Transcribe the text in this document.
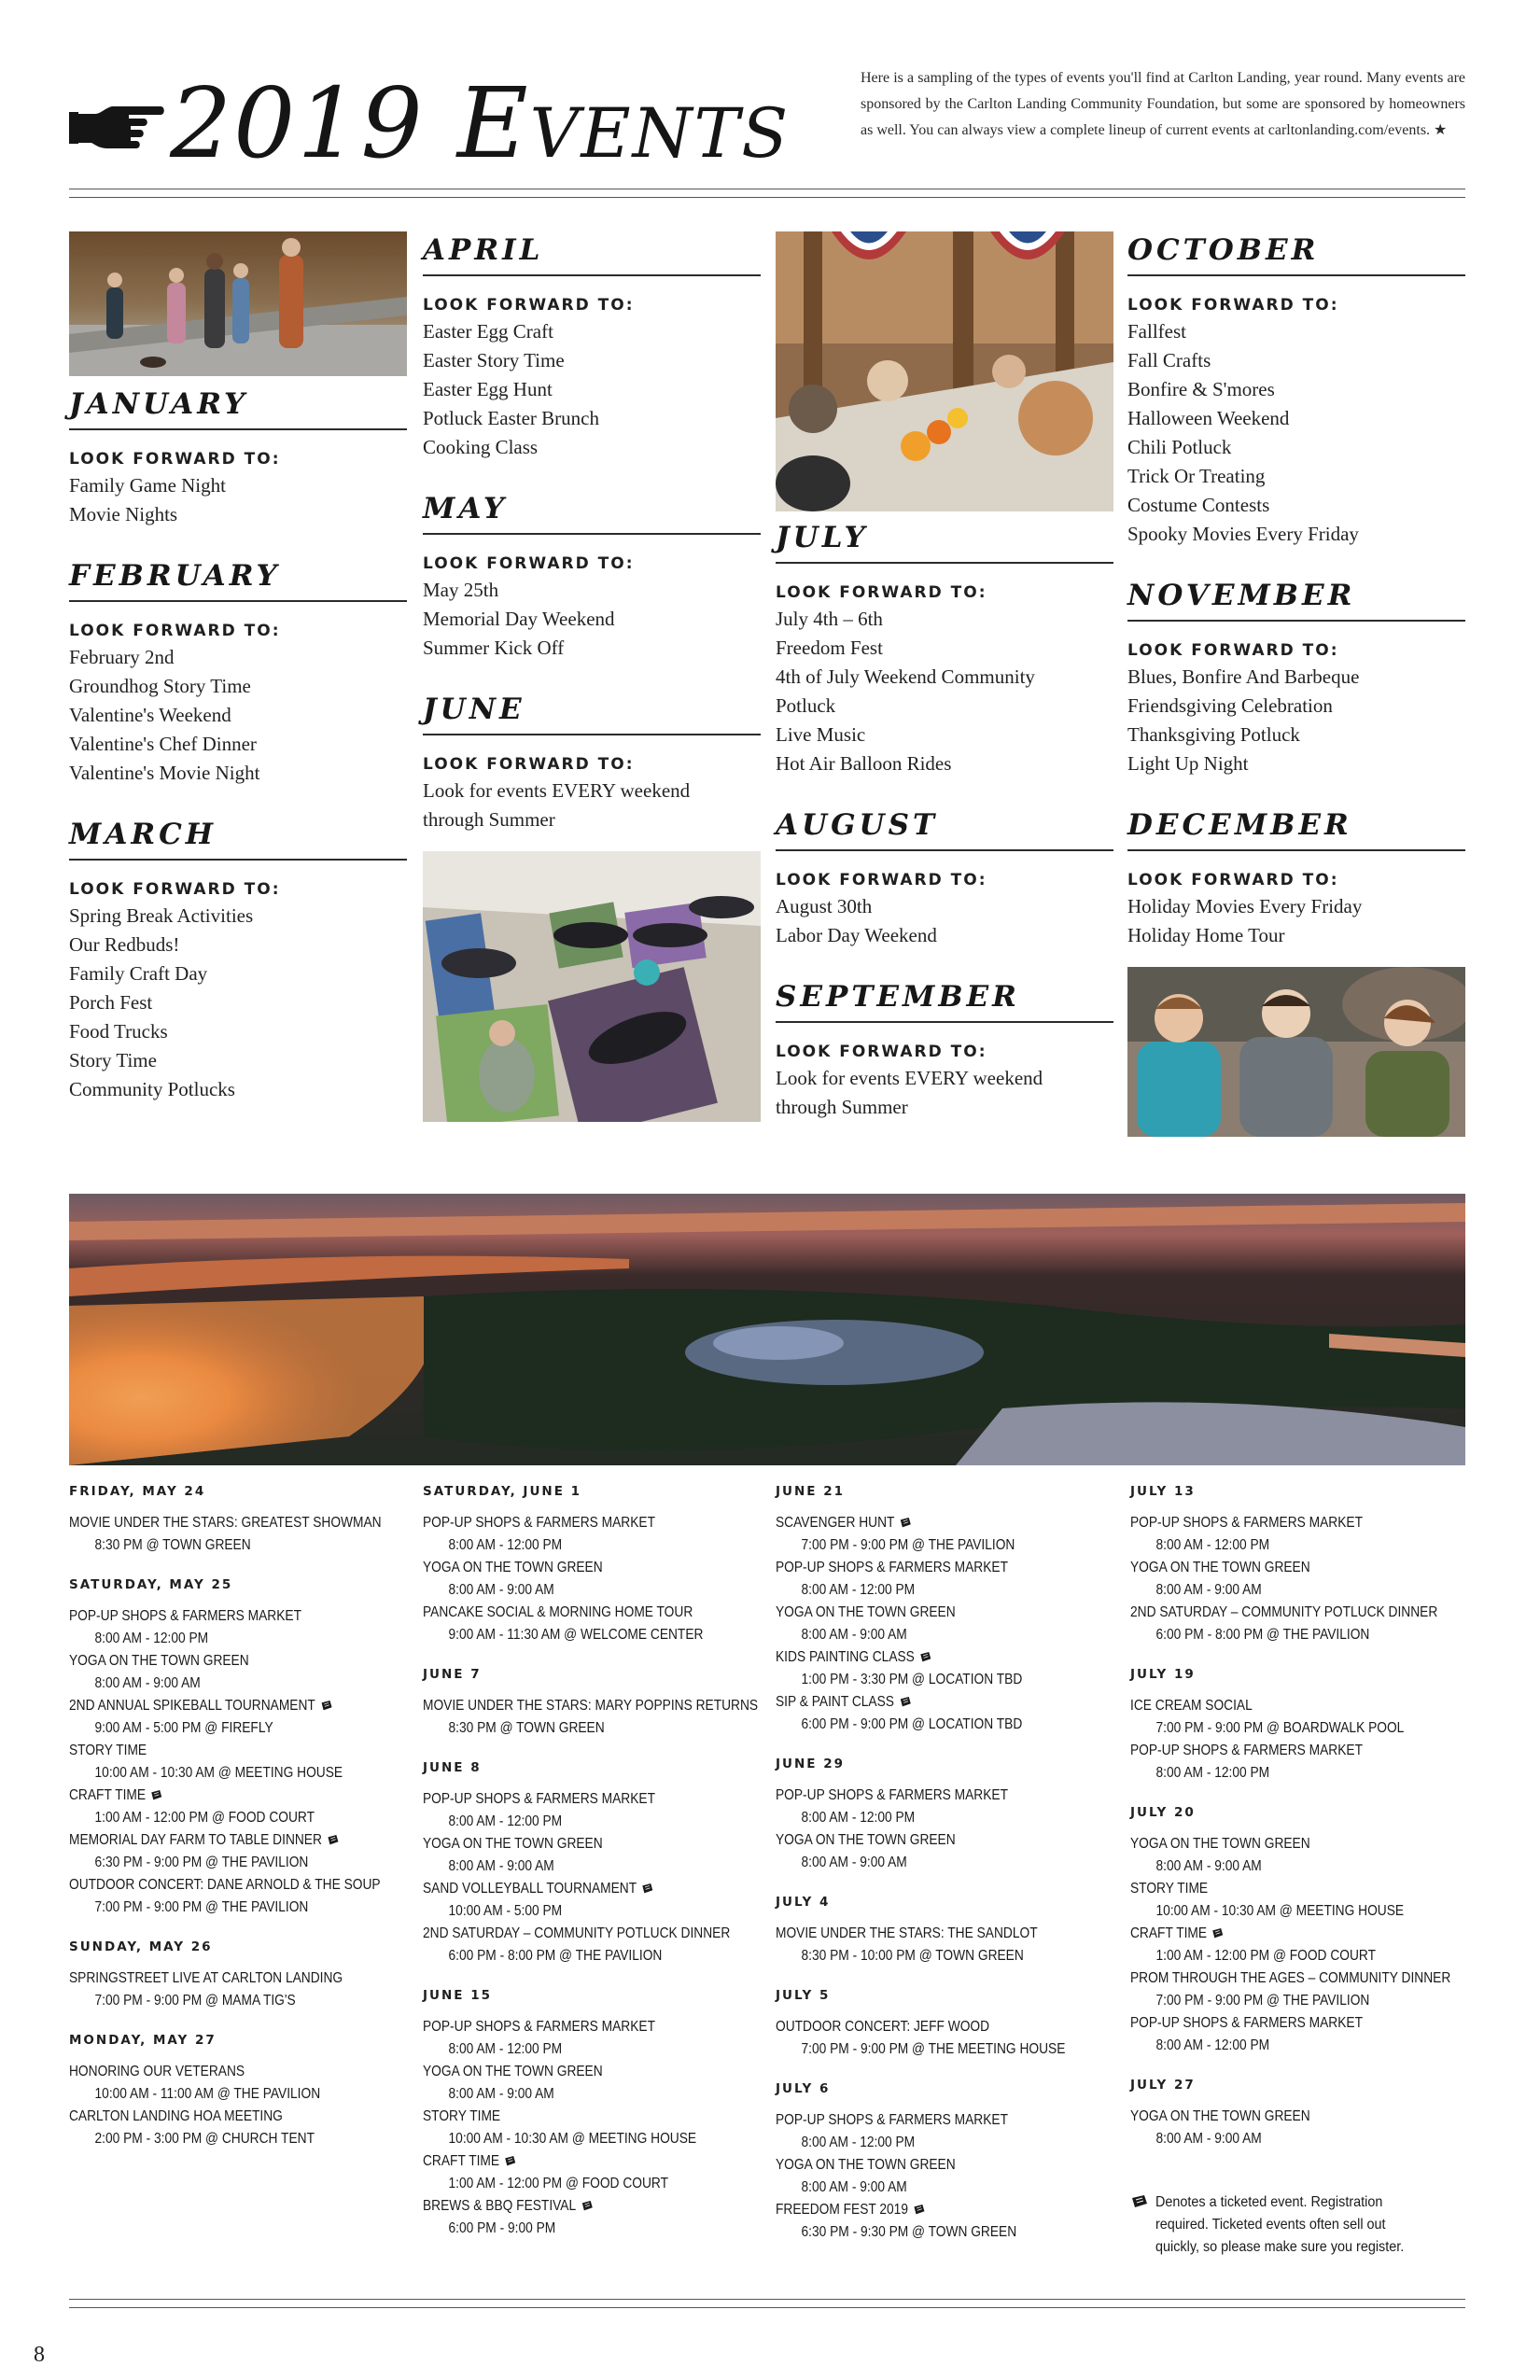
2019 Events	Here is a sampling of the types of events you'll find at Carlton Landing, year round. Many events are sponsored by the Carlton Landing Community Foundation, but some are sponsored by homeowners as well. You can always view a complete lineup of current events at carltonlanding.com/events. ★
JANUARY
LOOK FORWARD TO:
Family Game Night
Movie Nights
FEBRUARY
LOOK FORWARD TO:
February 2nd
Groundhog Story Time
Valentine's Weekend
Valentine's Chef Dinner
Valentine's Movie Night
MARCH
LOOK FORWARD TO:
Spring Break Activities
Our Redbuds!
Family Craft Day
Porch Fest
Food Trucks
Story Time
Community Potlucks
APRIL
LOOK FORWARD TO:
Easter Egg Craft
Easter Story Time
Easter Egg Hunt
Potluck Easter Brunch
Cooking Class
MAY
LOOK FORWARD TO:
May 25th
Memorial Day Weekend
Summer Kick Off
JUNE
LOOK FORWARD TO:
Look for events EVERY weekend
through Summer
JULY
LOOK FORWARD TO:
July 4th – 6th
Freedom Fest
4th of July Weekend Community
Potluck
Live Music
Hot Air Balloon Rides
AUGUST
LOOK FORWARD TO:
August 30th
Labor Day Weekend
SEPTEMBER
LOOK FORWARD TO:
Look for events EVERY weekend
through Summer
OCTOBER
LOOK FORWARD TO:
Fallfest
Fall Crafts
Bonfire & S'mores
Halloween Weekend
Chili Potluck
Trick Or Treating
Costume Contests
Spooky Movies Every Friday
NOVEMBER
LOOK FORWARD TO:
Blues, Bonfire And Barbeque
Friendsgiving Celebration
Thanksgiving Potluck
Light Up Night
DECEMBER
LOOK FORWARD TO:
Holiday Movies Every Friday
Holiday Home Tour
FRIDAY, MAY 24
MOVIE UNDER THE STARS: GREATEST SHOWMAN
8:30 PM @ TOWN GREEN
SATURDAY, MAY 25
POP-UP SHOPS & FARMERS MARKET
8:00 AM - 12:00 PM
YOGA ON THE TOWN GREEN
8:00 AM - 9:00 AM
2ND ANNUAL SPIKEBALL TOURNAMENT
9:00 AM - 5:00 PM @ FIREFLY
STORY TIME
10:00 AM - 10:30 AM @ MEETING HOUSE
CRAFT TIME
1:00 AM - 12:00 PM @ FOOD COURT
MEMORIAL DAY FARM TO TABLE DINNER
6:30 PM - 9:00 PM @ THE PAVILION
OUTDOOR CONCERT: DANE ARNOLD & THE SOUP
7:00 PM - 9:00 PM @ THE PAVILION
SUNDAY, MAY 26
SPRINGSTREET LIVE AT CARLTON LANDING
7:00 PM - 9:00 PM @ MAMA TIG'S
MONDAY, MAY 27
HONORING OUR VETERANS
10:00 AM - 11:00 AM @ THE PAVILION
CARLTON LANDING HOA MEETING
2:00 PM - 3:00 PM @ CHURCH TENT
SATURDAY, JUNE 1
POP-UP SHOPS & FARMERS MARKET
8:00 AM - 12:00 PM
YOGA ON THE TOWN GREEN
8:00 AM - 9:00 AM
PANCAKE SOCIAL & MORNING HOME TOUR
9:00 AM - 11:30 AM @ WELCOME CENTER
JUNE 7
MOVIE UNDER THE STARS: MARY POPPINS RETURNS
8:30 PM @ TOWN GREEN
JUNE 8
POP-UP SHOPS & FARMERS MARKET
8:00 AM - 12:00 PM
YOGA ON THE TOWN GREEN
8:00 AM - 9:00 AM
SAND VOLLEYBALL TOURNAMENT
10:00 AM - 5:00 PM
2ND SATURDAY – COMMUNITY POTLUCK DINNER
6:00 PM - 8:00 PM @ THE PAVILION
JUNE 15
POP-UP SHOPS & FARMERS MARKET
8:00 AM - 12:00 PM
YOGA ON THE TOWN GREEN
8:00 AM - 9:00 AM
STORY TIME
10:00 AM - 10:30 AM @ MEETING HOUSE
CRAFT TIME
1:00 AM - 12:00 PM @ FOOD COURT
BREWS & BBQ FESTIVAL
6:00 PM - 9:00 PM
JUNE 21
SCAVENGER HUNT
7:00 PM - 9:00 PM @ THE PAVILION
POP-UP SHOPS & FARMERS MARKET
8:00 AM - 12:00 PM
YOGA ON THE TOWN GREEN
8:00 AM - 9:00 AM
KIDS PAINTING CLASS
1:00 PM - 3:30 PM @ LOCATION TBD
SIP & PAINT CLASS
6:00 PM - 9:00 PM @ LOCATION TBD
JUNE 29
POP-UP SHOPS & FARMERS MARKET
8:00 AM - 12:00 PM
YOGA ON THE TOWN GREEN
8:00 AM - 9:00 AM
JULY 4
MOVIE UNDER THE STARS: THE SANDLOT
8:30 PM - 10:00 PM @ TOWN GREEN
JULY 5
OUTDOOR CONCERT: JEFF WOOD
7:00 PM - 9:00 PM @ THE MEETING HOUSE
JULY 6
POP-UP SHOPS & FARMERS MARKET
8:00 AM - 12:00 PM
YOGA ON THE TOWN GREEN
8:00 AM - 9:00 AM
FREEDOM FEST 2019
6:30 PM - 9:30 PM @ TOWN GREEN
JULY 13
POP-UP SHOPS & FARMERS MARKET
8:00 AM - 12:00 PM
YOGA ON THE TOWN GREEN
8:00 AM - 9:00 AM
2ND SATURDAY – COMMUNITY POTLUCK DINNER
6:00 PM - 8:00 PM @ THE PAVILION
JULY 19
ICE CREAM SOCIAL
7:00 PM - 9:00 PM @ BOARDWALK POOL
POP-UP SHOPS & FARMERS MARKET
8:00 AM - 12:00 PM
JULY 20
YOGA ON THE TOWN GREEN
8:00 AM - 9:00 AM
STORY TIME
10:00 AM - 10:30 AM @ MEETING HOUSE
CRAFT TIME
1:00 AM - 12:00 PM @ FOOD COURT
PROM THROUGH THE AGES – COMMUNITY DINNER
7:00 PM - 9:00 PM @ THE PAVILION
POP-UP SHOPS & FARMERS MARKET
8:00 AM - 12:00 PM
JULY 27
YOGA ON THE TOWN GREEN
8:00 AM - 9:00 AM
Denotes a ticketed event. Registration required. Ticketed events often sell out quickly, so please make sure you register.
8
